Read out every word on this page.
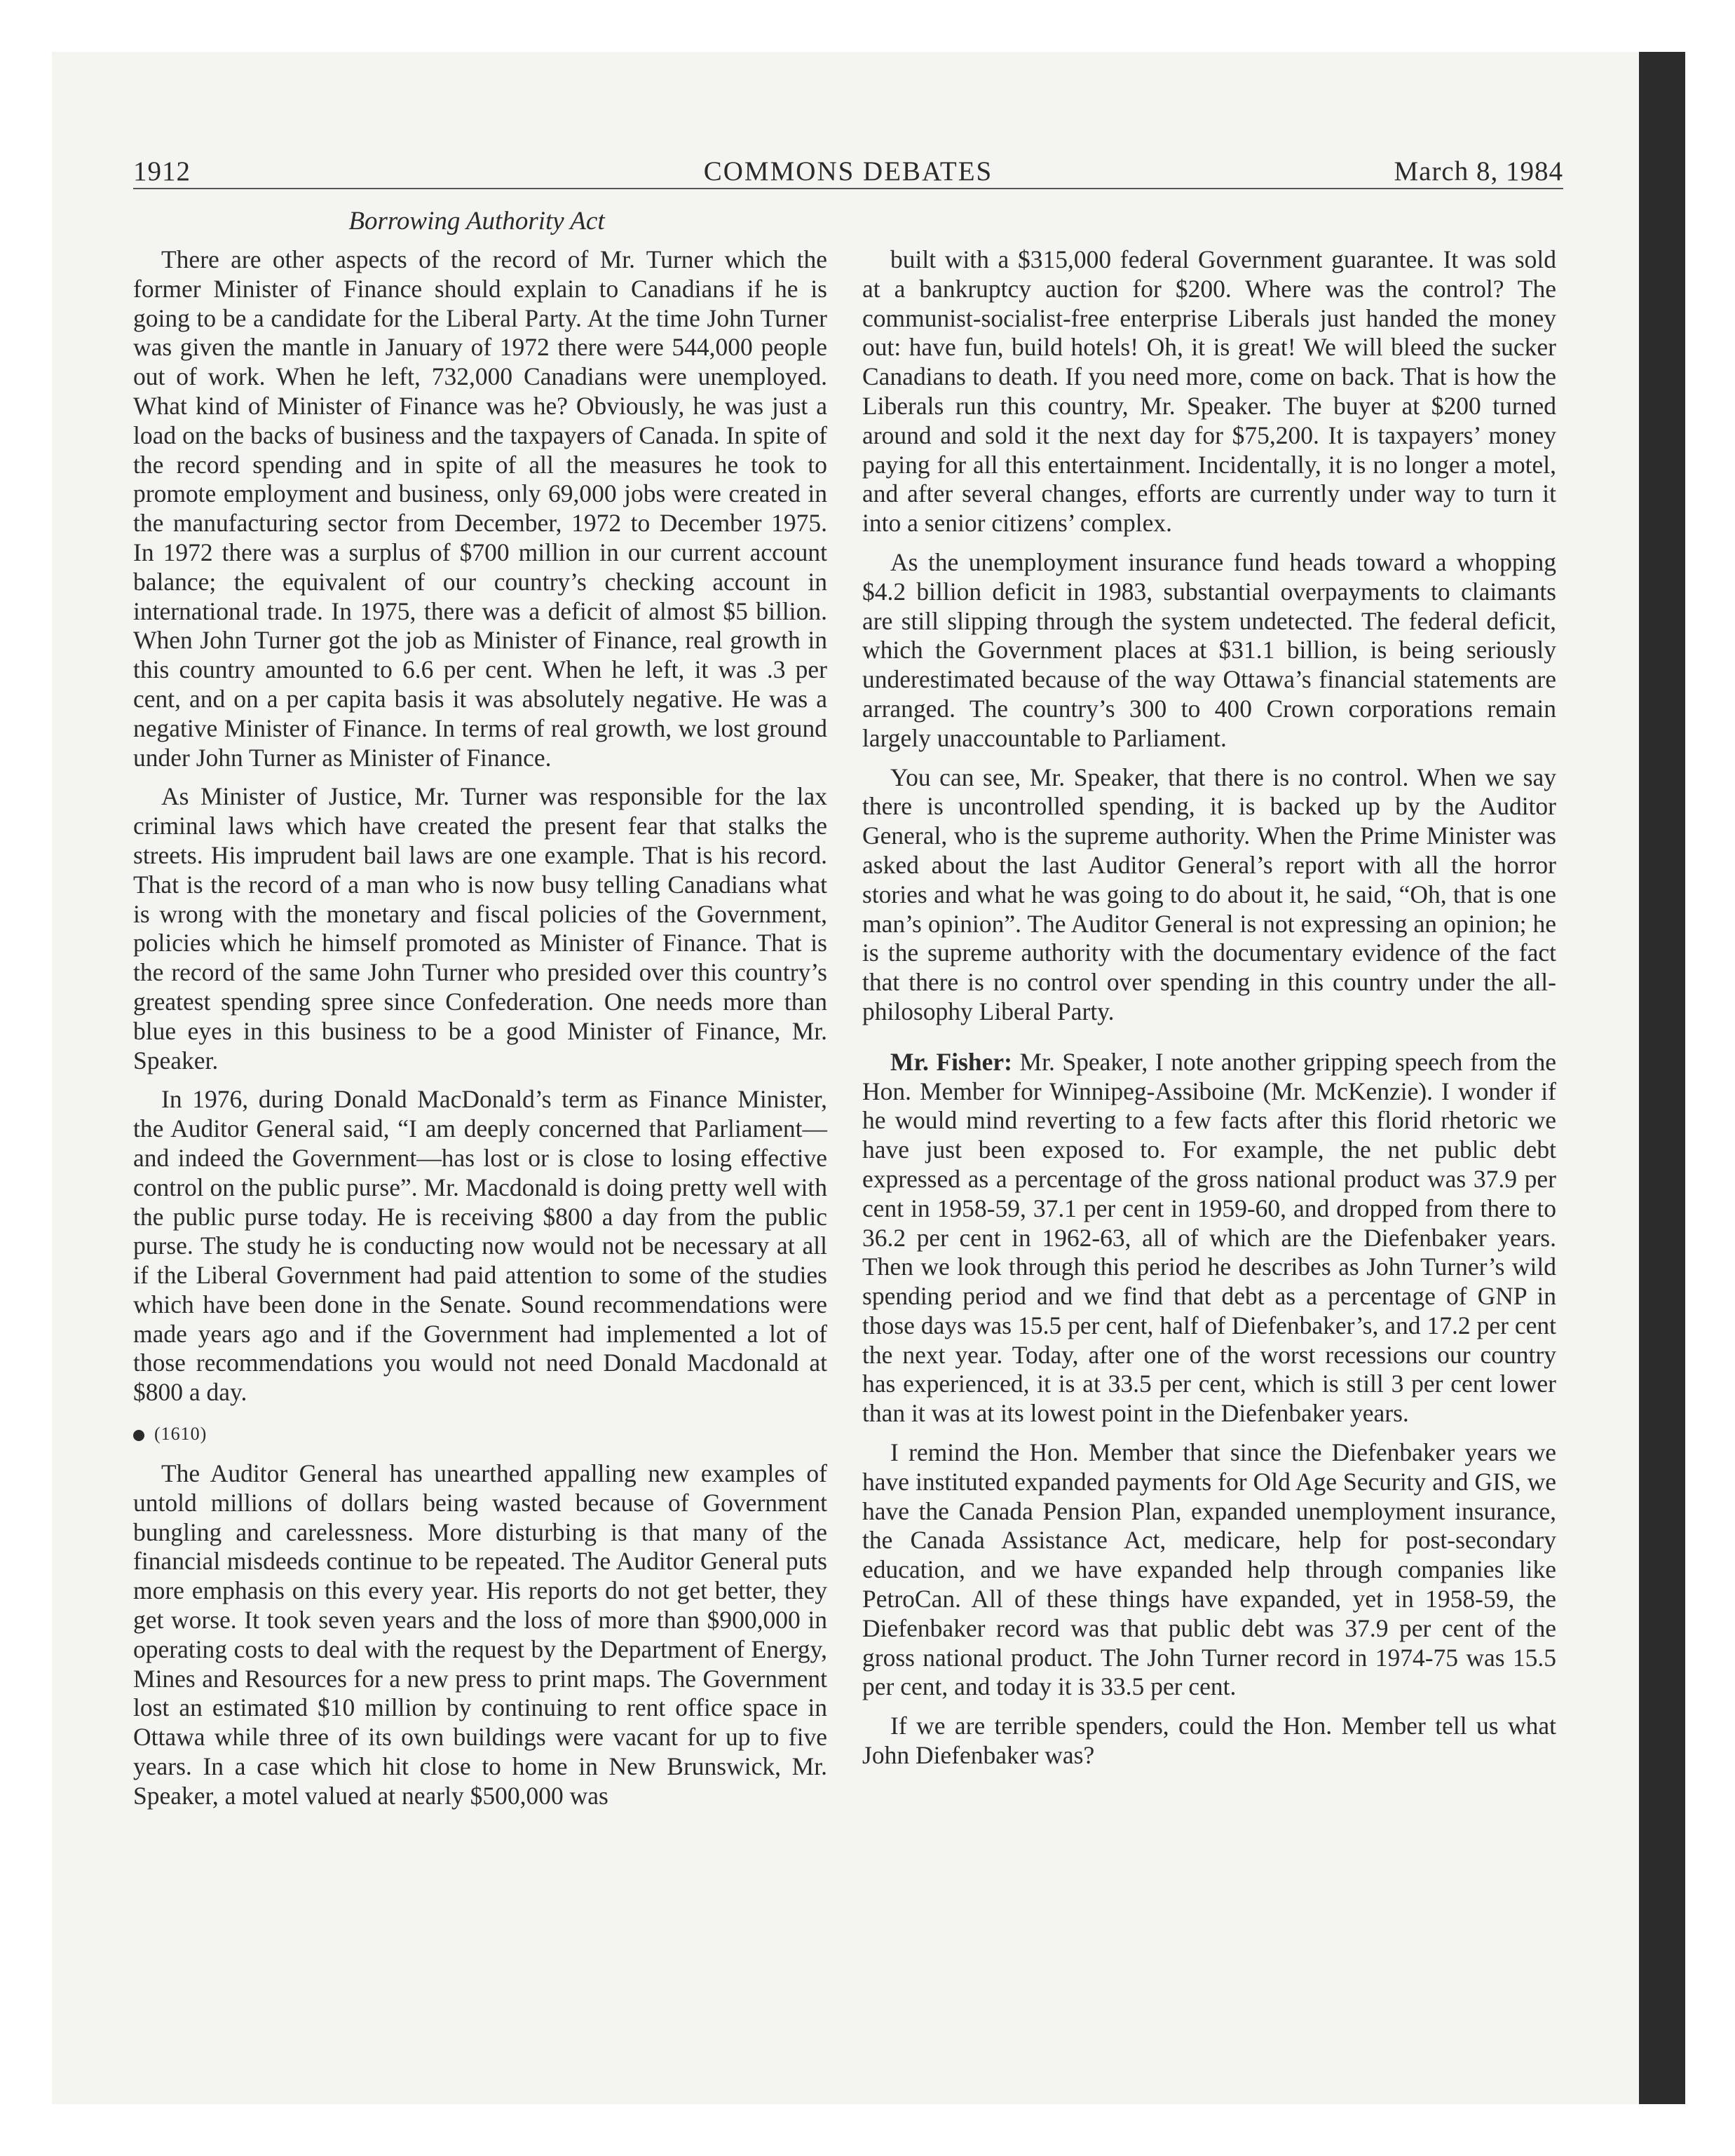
1912	COMMONS DEBATES	March 8, 1984
Borrowing Authority Act

There are other aspects of the record of Mr. Turner which the former Minister of Finance should explain to Canadians if he is going to be a candidate for the Liberal Party. At the time John Turner was given the mantle in January of 1972 there were 544,000 people out of work. When he left, 732,000 Canadians were unemployed. What kind of Minister of Finance was he? Obviously, he was just a load on the backs of business and the taxpayers of Canada. In spite of the record spending and in spite of all the measures he took to promote employment and business, only 69,000 jobs were created in the manufacturing sector from December, 1972 to December 1975. In 1972 there was a surplus of $700 million in our current account balance; the equivalent of our country’s checking account in international trade. In 1975, there was a deficit of almost $5 billion. When John Turner got the job as Minister of Finance, real growth in this country amounted to 6.6 per cent. When he left, it was .3 per cent, and on a per capita basis it was absolutely negative. He was a negative Minister of Finance. In terms of real growth, we lost ground under John Turner as Minister of Finance.

As Minister of Justice, Mr. Turner was responsible for the lax criminal laws which have created the present fear that stalks the streets. His imprudent bail laws are one example. That is his record. That is the record of a man who is now busy telling Canadians what is wrong with the monetary and fiscal policies of the Government, policies which he himself promoted as Minister of Finance. That is the record of the same John Turner who presided over this country’s greatest spending spree since Confederation. One needs more than blue eyes in this business to be a good Minister of Finance, Mr. Speaker.

In 1976, during Donald MacDonald’s term as Finance Minister, the Auditor General said, “I am deeply concerned that Parliament—and indeed the Government—has lost or is close to losing effective control on the public purse”. Mr. Macdonald is doing pretty well with the public purse today. He is receiving $800 a day from the public purse. The study he is conducting now would not be necessary at all if the Liberal Government had paid attention to some of the studies which have been done in the Senate. Sound recommendations were made years ago and if the Government had implemented a lot of those recommendations you would not need Donald Macdonald at $800 a day.

(1610)

The Auditor General has unearthed appalling new examples of untold millions of dollars being wasted because of Government bungling and carelessness. More disturbing is that many of the financial misdeeds continue to be repeated. The Auditor General puts more emphasis on this every year. His reports do not get better, they get worse. It took seven years and the loss of more than $900,000 in operating costs to deal with the request by the Department of Energy, Mines and Resources for a new press to print maps. The Government lost an estimated $10 million by continuing to rent office space in Ottawa while three of its own buildings were vacant for up to five years. In a case which hit close to home in New Brunswick, Mr. Speaker, a motel valued at nearly $500,000 was

built with a $315,000 federal Government guarantee. It was sold at a bankruptcy auction for $200. Where was the control? The communist-socialist-free enterprise Liberals just handed the money out: have fun, build hotels! Oh, it is great! We will bleed the sucker Canadians to death. If you need more, come on back. That is how the Liberals run this country, Mr. Speaker. The buyer at $200 turned around and sold it the next day for $75,200. It is taxpayers’ money paying for all this entertainment. Incidentally, it is no longer a motel, and after several changes, efforts are currently under way to turn it into a senior citizens’ complex.

As the unemployment insurance fund heads toward a whopping $4.2 billion deficit in 1983, substantial overpayments to claimants are still slipping through the system undetected. The federal deficit, which the Government places at $31.1 billion, is being seriously underestimated because of the way Ottawa’s financial statements are arranged. The country’s 300 to 400 Crown corporations remain largely unaccountable to Parliament.

You can see, Mr. Speaker, that there is no control. When we say there is uncontrolled spending, it is backed up by the Auditor General, who is the supreme authority. When the Prime Minister was asked about the last Auditor General’s report with all the horror stories and what he was going to do about it, he said, “Oh, that is one man’s opinion”. The Auditor General is not expressing an opinion; he is the supreme authority with the documentary evidence of the fact that there is no control over spending in this country under the all-philosophy Liberal Party.

Mr. Fisher: Mr. Speaker, I note another gripping speech from the Hon. Member for Winnipeg-Assiboine (Mr. McKenzie). I wonder if he would mind reverting to a few facts after this florid rhetoric we have just been exposed to. For example, the net public debt expressed as a percentage of the gross national product was 37.9 per cent in 1958-59, 37.1 per cent in 1959-60, and dropped from there to 36.2 per cent in 1962-63, all of which are the Diefenbaker years. Then we look through this period he describes as John Turner’s wild spending period and we find that debt as a percentage of GNP in those days was 15.5 per cent, half of Diefenbaker’s, and 17.2 per cent the next year. Today, after one of the worst recessions our country has experienced, it is at 33.5 per cent, which is still 3 per cent lower than it was at its lowest point in the Diefenbaker years.

I remind the Hon. Member that since the Diefenbaker years we have instituted expanded payments for Old Age Security and GIS, we have the Canada Pension Plan, expanded unemployment insurance, the Canada Assistance Act, medicare, help for post-secondary education, and we have expanded help through companies like PetroCan. All of these things have expanded, yet in 1958-59, the Diefenbaker record was that public debt was 37.9 per cent of the gross national product. The John Turner record in 1974-75 was 15.5 per cent, and today it is 33.5 per cent.

If we are terrible spenders, could the Hon. Member tell us what John Diefenbaker was?
